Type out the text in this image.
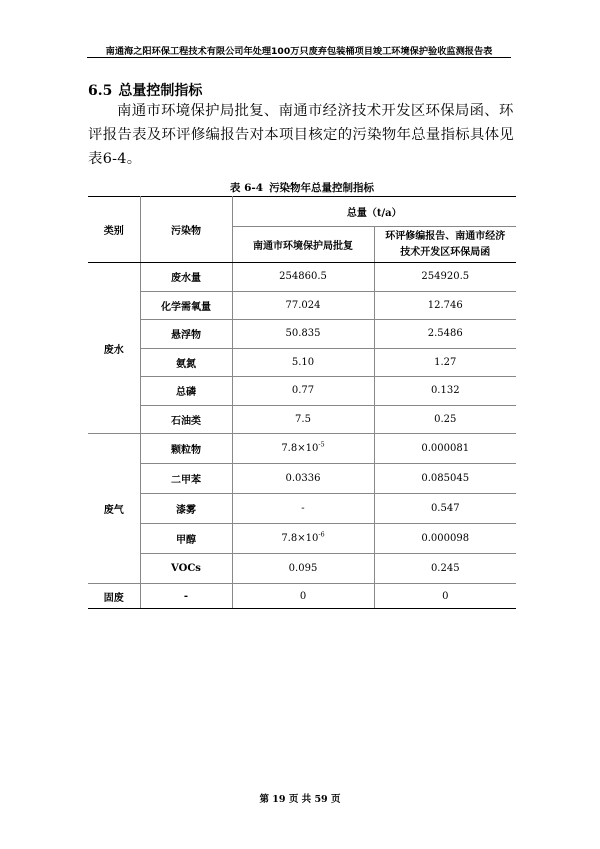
南通海之阳环保工程技术有限公司年处理100万只废弃包装桶项目竣工环境保护验收监测报告表
6.5 总量控制指标

南通市环境保护局批复、南通市经济技术开发区环保局函、环评报告表及环评修编报告对本项目核定的污染物年总量指标具体见表6-4。

表 6-4 污染物年总量控制指标
类别	污染物	总量（t/a）	
		南通市环境保护局批复	环评修编报告、南通市经济技术开发区环保局函
废水	废水量	254860.5	254920.5
	化学需氧量	77.024	12.746
	悬浮物	50.835	2.5486
	氨氮	5.10	1.27
	总磷	0.77	0.132
	石油类	7.5	0.25
废气	颗粒物	$7.8\times 10^{-5}$	0.000081
	二甲苯	0.0336	0.085045
	漆雾	-	0.547
	甲醇	$7.8\times 10^{-6}$	0.000098
	VOCs	0.095	0.245
固废	-	0	0
第 19 页 共 59 页
